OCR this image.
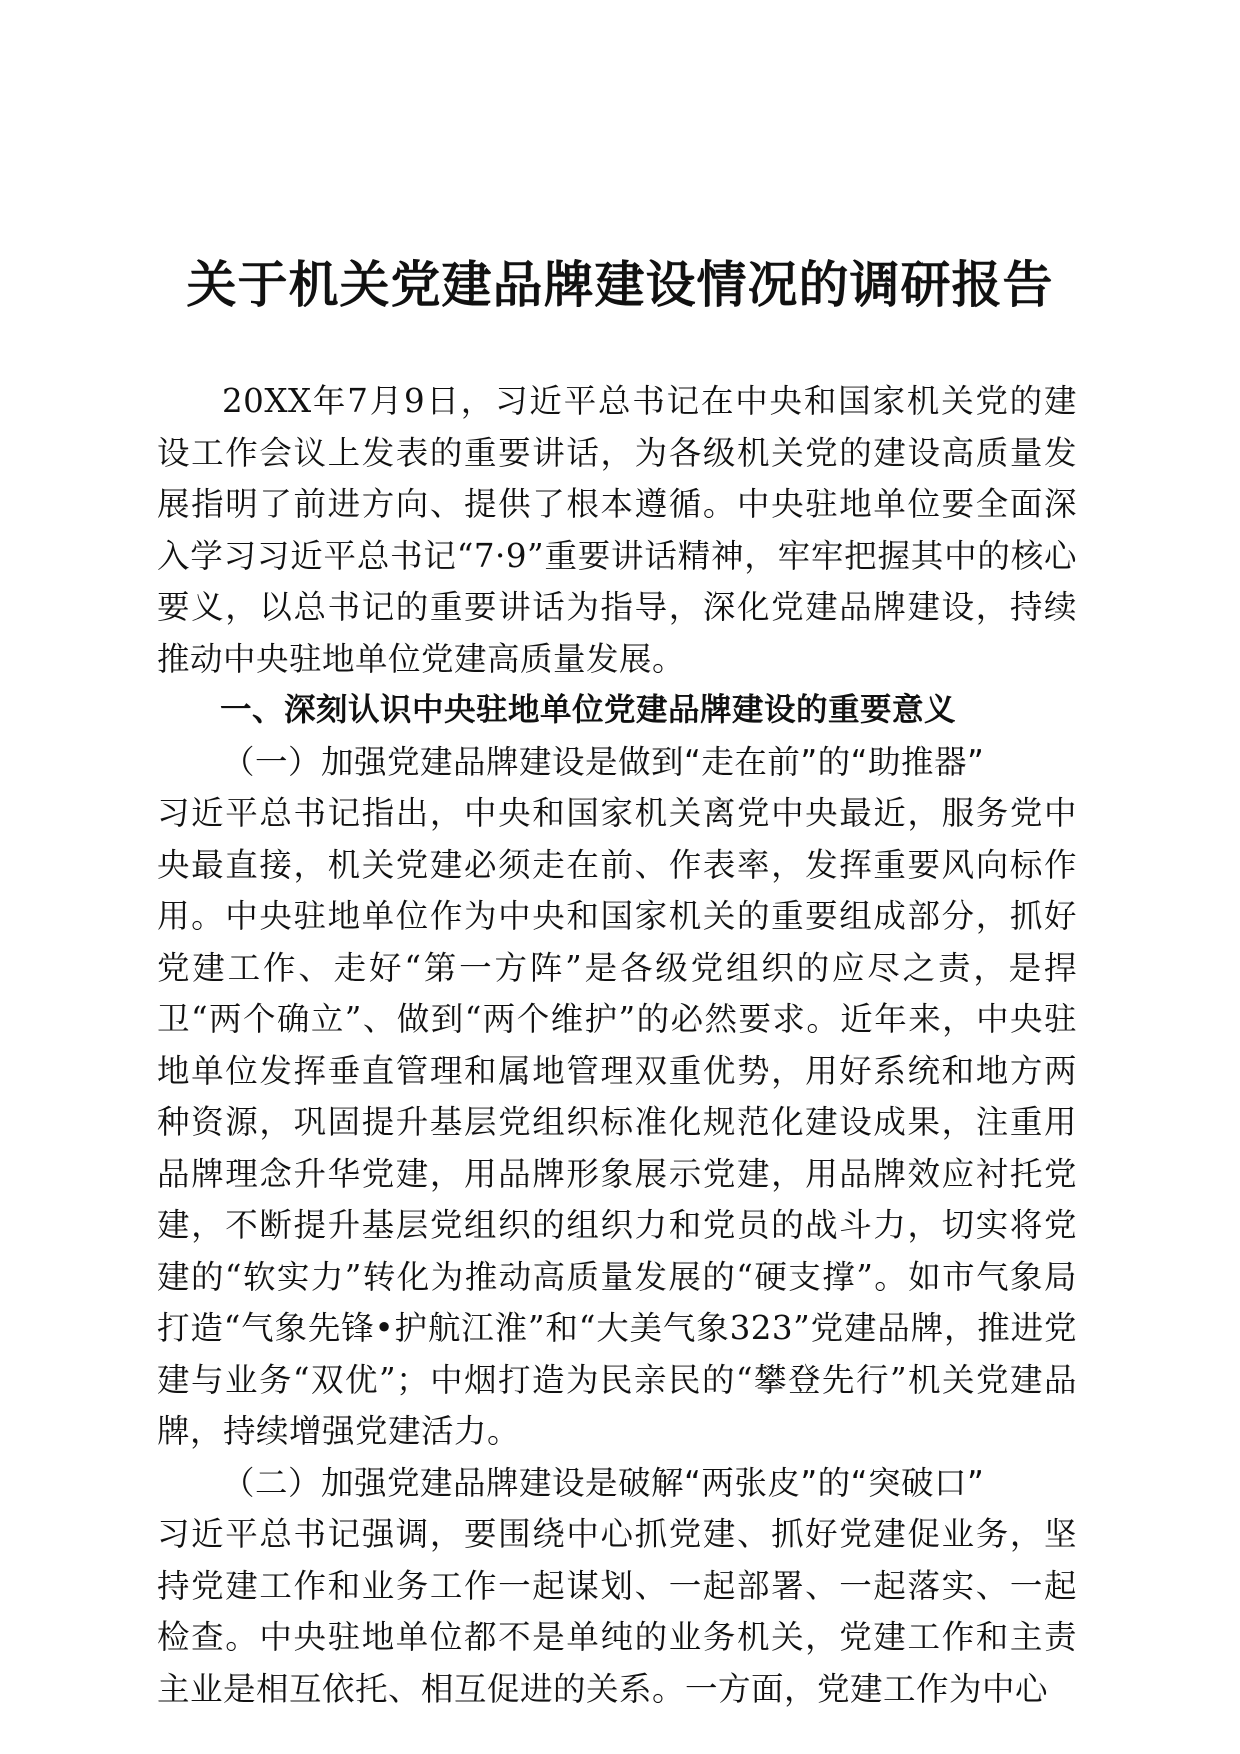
关于机关党建品牌建设情况的调研报告

20XX年7月9日，习近平总书记在中央和国家机关党的建设工作会议上发表的重要讲话，为各级机关党的建设高质量发展指明了前进方向、提供了根本遵循。中央驻地单位要全面深入学习习近平总书记“7·9”重要讲话精神，牢牢把握其中的核心要义，以总书记的重要讲话为指导，深化党建品牌建设，持续推动中央驻地单位党建高质量发展。

一、深刻认识中央驻地单位党建品牌建设的重要意义

（一）加强党建品牌建设是做到“走在前”的“助推器”

习近平总书记指出，中央和国家机关离党中央最近，服务党中央最直接，机关党建必须走在前、作表率，发挥重要风向标作用。中央驻地单位作为中央和国家机关的重要组成部分，抓好党建工作、走好“第一方阵”是各级党组织的应尽之责，是捍卫“两个确立”、做到“两个维护”的必然要求。近年来，中央驻地单位发挥垂直管理和属地管理双重优势，用好系统和地方两种资源，巩固提升基层党组织标准化规范化建设成果，注重用品牌理念升华党建，用品牌形象展示党建，用品牌效应衬托党建，不断提升基层党组织的组织力和党员的战斗力，切实将党建的“软实力”转化为推动高质量发展的“硬支撑”。如市气象局打造“气象先锋•护航江淮”和“大美气象323”党建品牌，推进党建与业务“双优”；中烟打造为民亲民的“攀登先行”机关党建品牌，持续增强党建活力。

（二）加强党建品牌建设是破解“两张皮”的“突破口”

习近平总书记强调，要围绕中心抓党建、抓好党建促业务，坚持党建工作和业务工作一起谋划、一起部署、一起落实、一起检查。中央驻地单位都不是单纯的业务机关，党建工作和主责主业是相互依托、相互促进的关系。一方面，党建工作为中心
